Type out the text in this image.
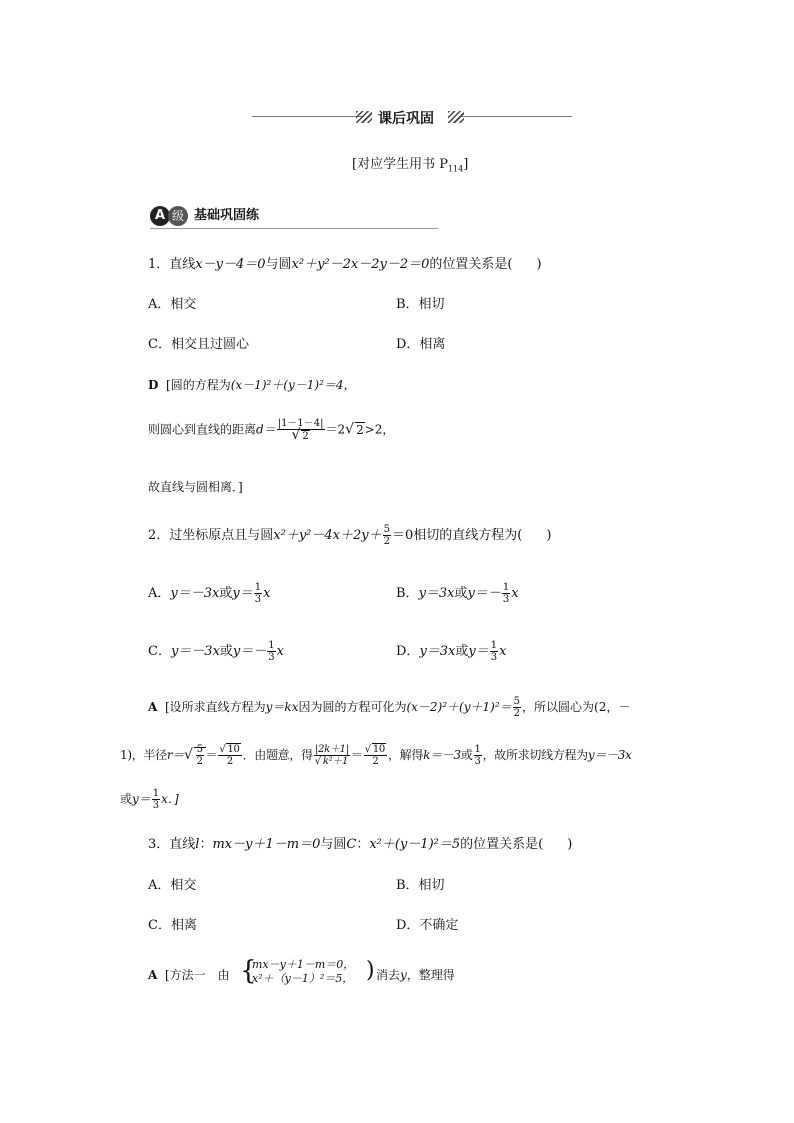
课后巩固
[对应学生用书 $P_{114}$]
A 级 基础巩固练
1．直线x－y－4＝0与圆x²＋y²－2x－2y－2＝0的位置关系是( )
A．相交	B．相切
C．相交且过圆心	D．相离
D [圆的方程为(x－1)²＋(y－1)²＝4，
则圆心到直线的距离$d= \frac{|1-1-4|}{√ 2} =2√$ 2>2，
故直线与圆相离．]
2．过坐标原点且与圆$x^2+y^2-4x+2y+ \frac{5}{2} =0$相切的直线方程为( )
A．y＝－3x或$y= \frac{1}{3}$ x	B．y＝3x或$y=- \frac{1}{3}$ x
C．y＝－3x或$y=- \frac{1}{3}$ x	D．y＝3x或$y= \frac{1}{3}$ x
A [设所求直线方程为y＝kx因为圆的方程可化为$(x-2)^2+(y+1)^2= \frac{5}{2}$ ，所以圆心为(2，－
1)，半径$r=√ \frac{5}{2} = \frac{√ 10}{2}$ ．由题意，得 $\frac{|2k+1|}{\text{√ k²＋1}} = \frac{√ 10}{2}$ ，解得k＝－3或 $\frac{1}{3}$ ，故所求切线方程为y＝－3x
或$y= \frac{1}{3}$ x．]
3．直线l：mx－y＋1－m＝0与圆C：x²＋(y－1)²＝5的位置关系是( )
A．相交	B．相切
C．相离	D．不确定
A [方法一　由 {
mx－y＋1－m＝0，
x²＋（y－1）²＝5， ) 消去y，整理得
